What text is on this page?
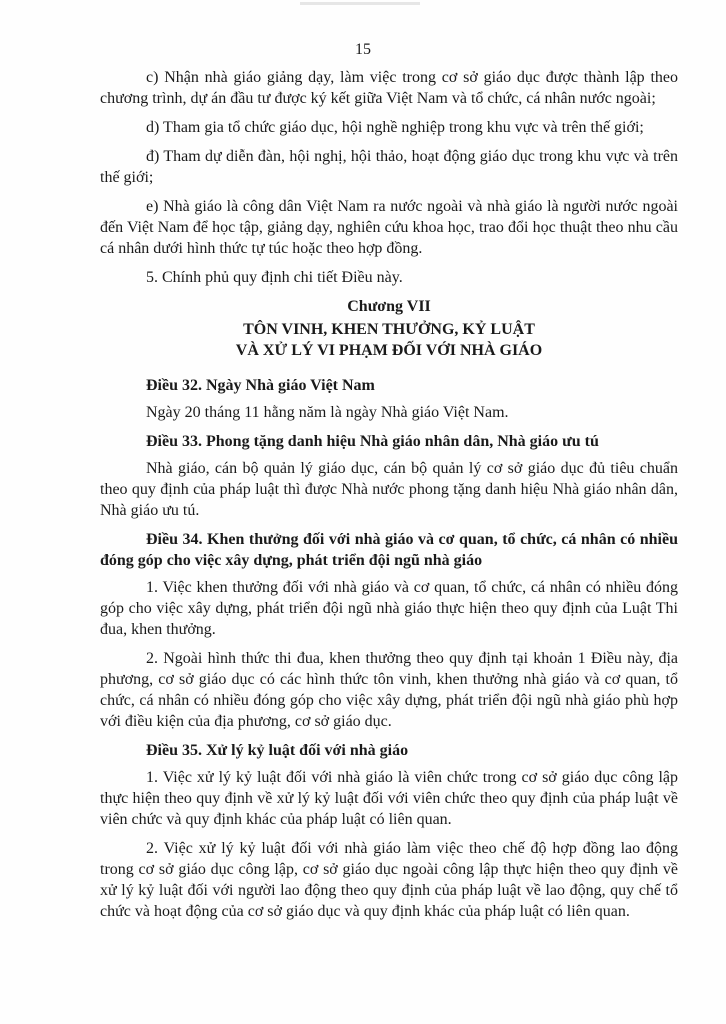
15

c) Nhận nhà giáo giảng dạy, làm việc trong cơ sở giáo dục được thành lập theo chương trình, dự án đầu tư được ký kết giữa Việt Nam và tổ chức, cá nhân nước ngoài;

d) Tham gia tổ chức giáo dục, hội nghề nghiệp trong khu vực và trên thế giới;

đ) Tham dự diễn đàn, hội nghị, hội thảo, hoạt động giáo dục trong khu vực và trên thế giới;

e) Nhà giáo là công dân Việt Nam ra nước ngoài và nhà giáo là người nước ngoài đến Việt Nam để học tập, giảng dạy, nghiên cứu khoa học, trao đổi học thuật theo nhu cầu cá nhân dưới hình thức tự túc hoặc theo hợp đồng.

5. Chính phủ quy định chi tiết Điều này.

Chương VII
TÔN VINH, KHEN THƯỞNG, KỶ LUẬT
VÀ XỬ LÝ VI PHẠM ĐỐI VỚI NHÀ GIÁO

Điều 32. Ngày Nhà giáo Việt Nam

Ngày 20 tháng 11 hằng năm là ngày Nhà giáo Việt Nam.

Điều 33. Phong tặng danh hiệu Nhà giáo nhân dân, Nhà giáo ưu tú

Nhà giáo, cán bộ quản lý giáo dục, cán bộ quản lý cơ sở giáo dục đủ tiêu chuẩn theo quy định của pháp luật thì được Nhà nước phong tặng danh hiệu Nhà giáo nhân dân, Nhà giáo ưu tú.

Điều 34. Khen thưởng đối với nhà giáo và cơ quan, tổ chức, cá nhân có nhiều đóng góp cho việc xây dựng, phát triển đội ngũ nhà giáo

1. Việc khen thưởng đối với nhà giáo và cơ quan, tổ chức, cá nhân có nhiều đóng góp cho việc xây dựng, phát triển đội ngũ nhà giáo thực hiện theo quy định của Luật Thi đua, khen thưởng.

2. Ngoài hình thức thi đua, khen thưởng theo quy định tại khoản 1 Điều này, địa phương, cơ sở giáo dục có các hình thức tôn vinh, khen thưởng nhà giáo và cơ quan, tổ chức, cá nhân có nhiều đóng góp cho việc xây dựng, phát triển đội ngũ nhà giáo phù hợp với điều kiện của địa phương, cơ sở giáo dục.

Điều 35. Xử lý kỷ luật đối với nhà giáo

1. Việc xử lý kỷ luật đối với nhà giáo là viên chức trong cơ sở giáo dục công lập thực hiện theo quy định về xử lý kỷ luật đối với viên chức theo quy định của pháp luật về viên chức và quy định khác của pháp luật có liên quan.

2. Việc xử lý kỷ luật đối với nhà giáo làm việc theo chế độ hợp đồng lao động trong cơ sở giáo dục công lập, cơ sở giáo dục ngoài công lập thực hiện theo quy định về xử lý kỷ luật đối với người lao động theo quy định của pháp luật về lao động, quy chế tổ chức và hoạt động của cơ sở giáo dục và quy định khác của pháp luật có liên quan.
